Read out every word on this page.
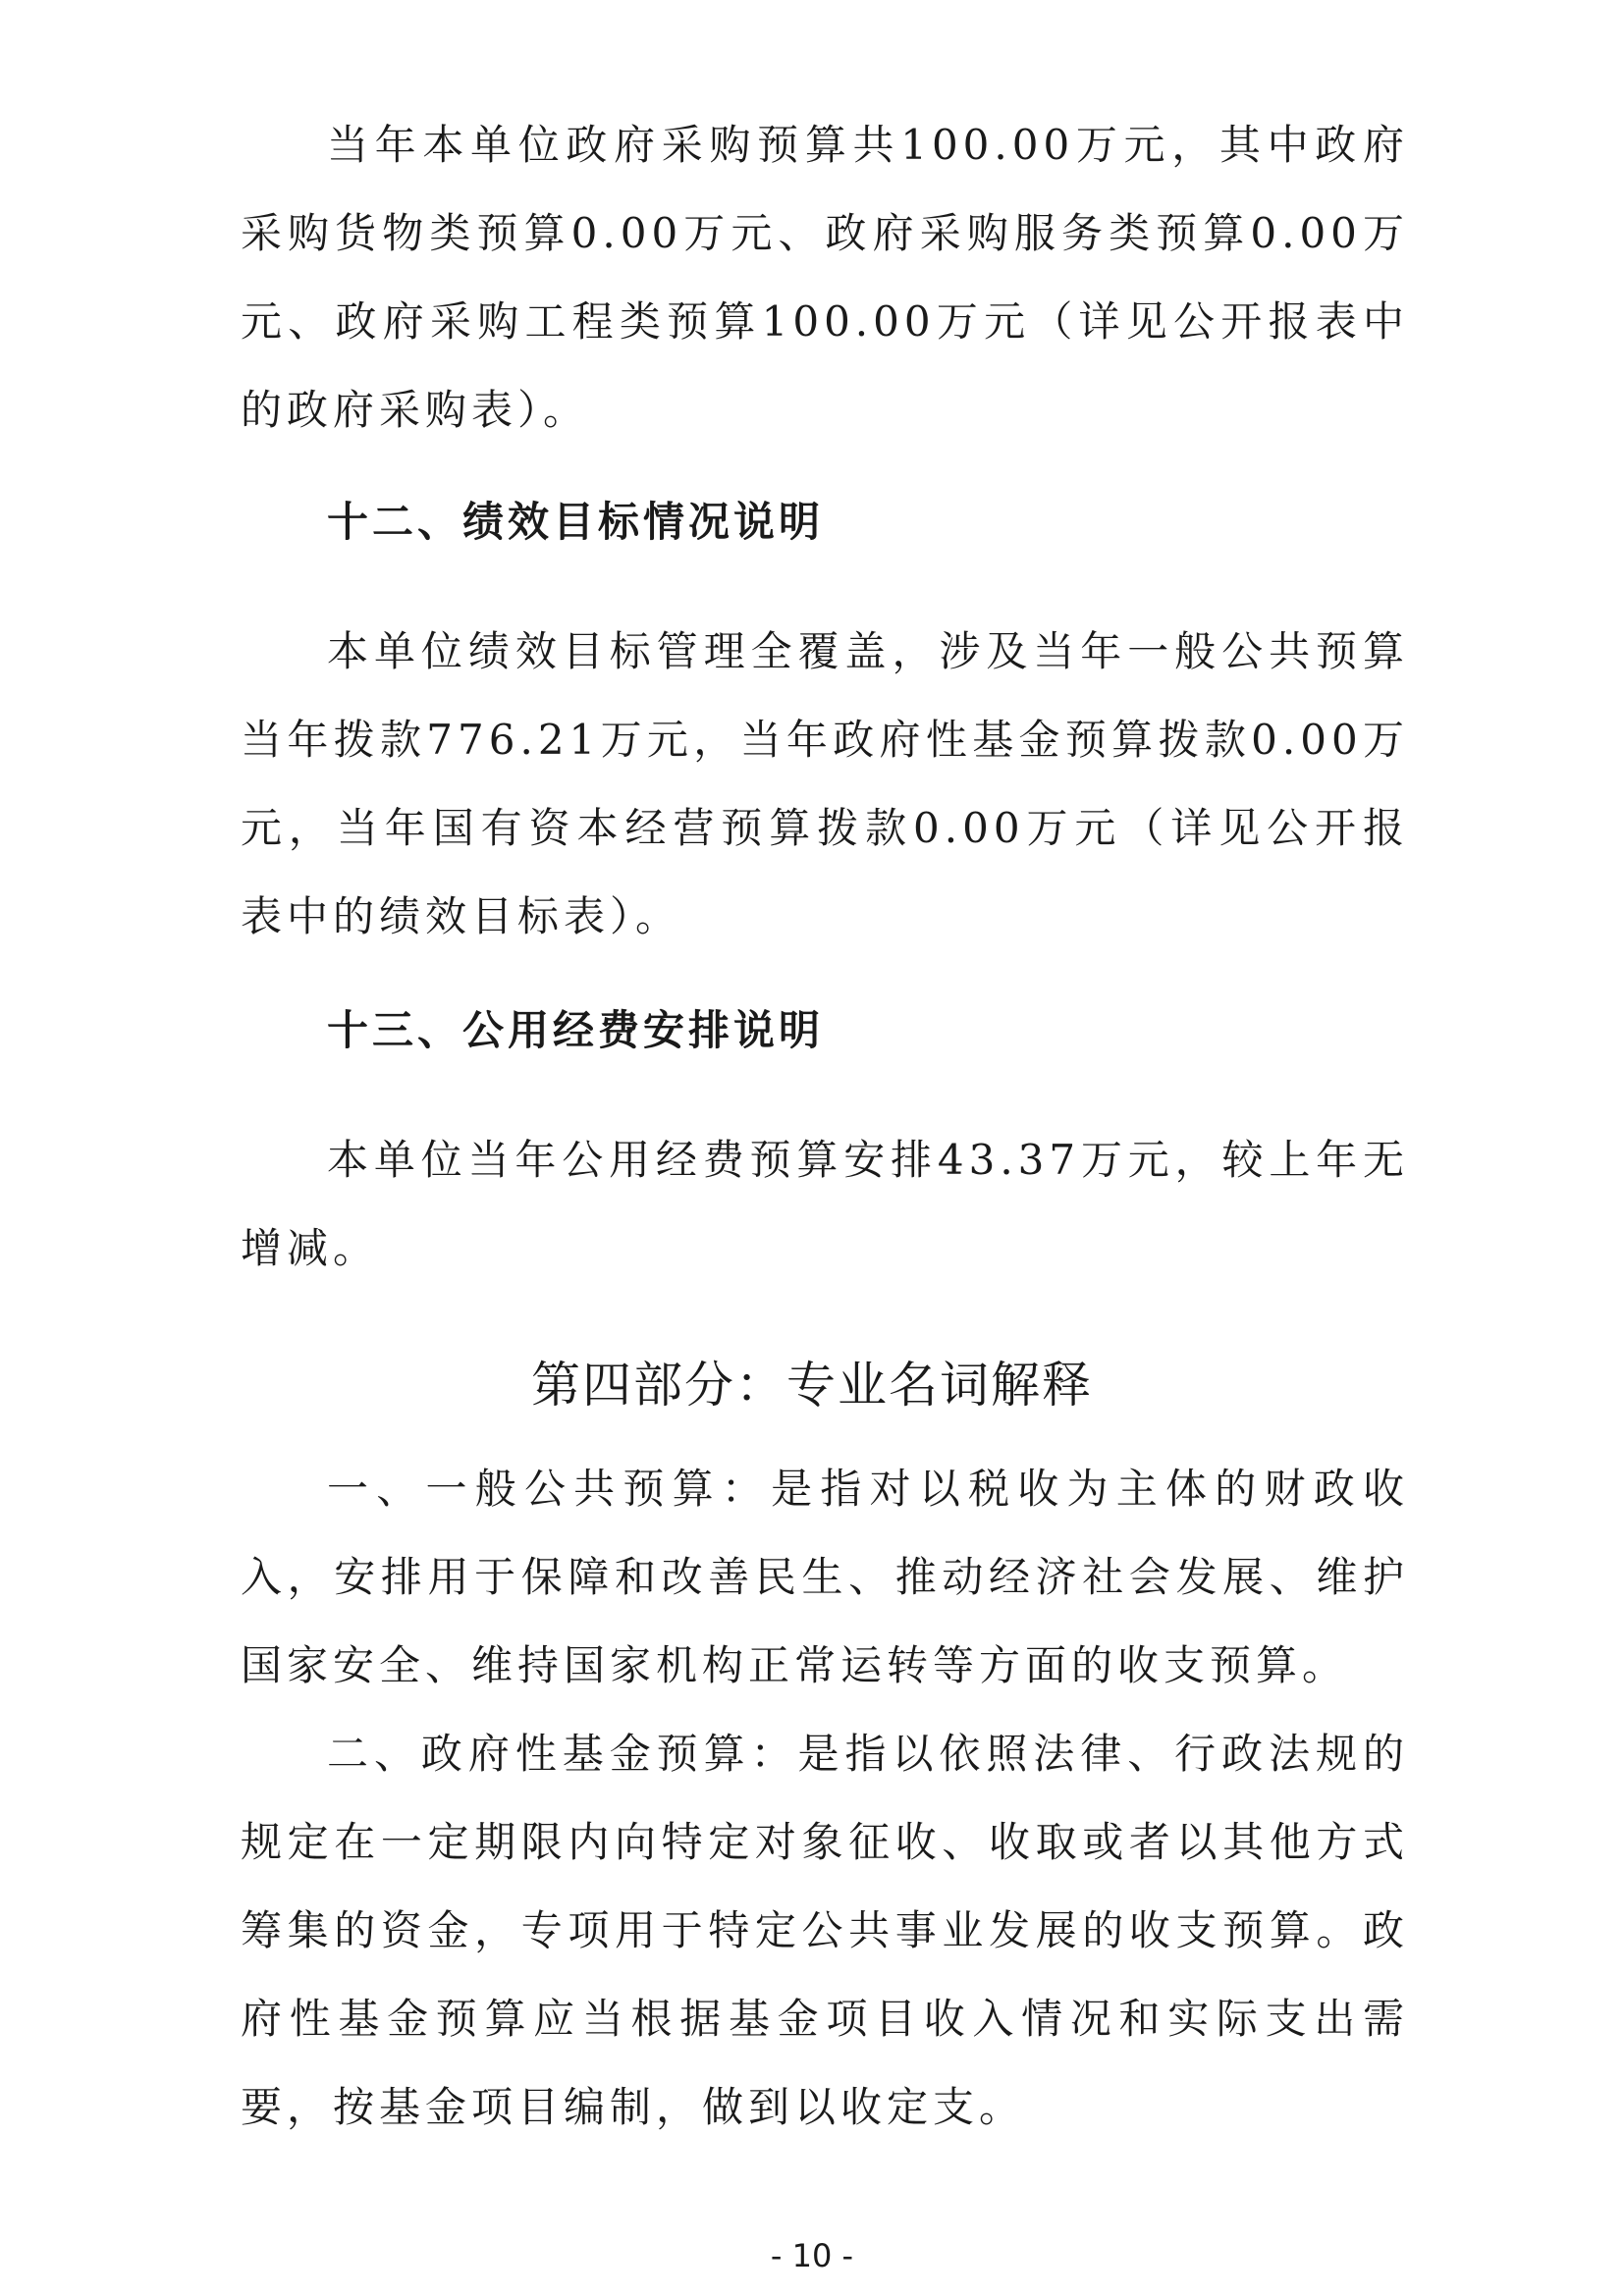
当年本单位政府采购预算共100.00万元，其中政府采购货物类预算0.00万元、政府采购服务类预算0.00万元、政府采购工程类预算100.00万元（详见公开报表中的政府采购表）。

十二、绩效目标情况说明

本单位绩效目标管理全覆盖，涉及当年一般公共预算当年拨款776.21万元，当年政府性基金预算拨款0.00万元，当年国有资本经营预算拨款0.00万元（详见公开报表中的绩效目标表）。

十三、公用经费安排说明

本单位当年公用经费预算安排43.37万元，较上年无增减。

第四部分：专业名词解释

一、一般公共预算：是指对以税收为主体的财政收入，安排用于保障和改善民生、推动经济社会发展、维护国家安全、维持国家机构正常运转等方面的收支预算。

二、政府性基金预算：是指以依照法律、行政法规的规定在一定期限内向特定对象征收、收取或者以其他方式筹集的资金，专项用于特定公共事业发展的收支预算。政府性基金预算应当根据基金项目收入情况和实际支出需要，按基金项目编制，做到以收定支。

- 10 -
